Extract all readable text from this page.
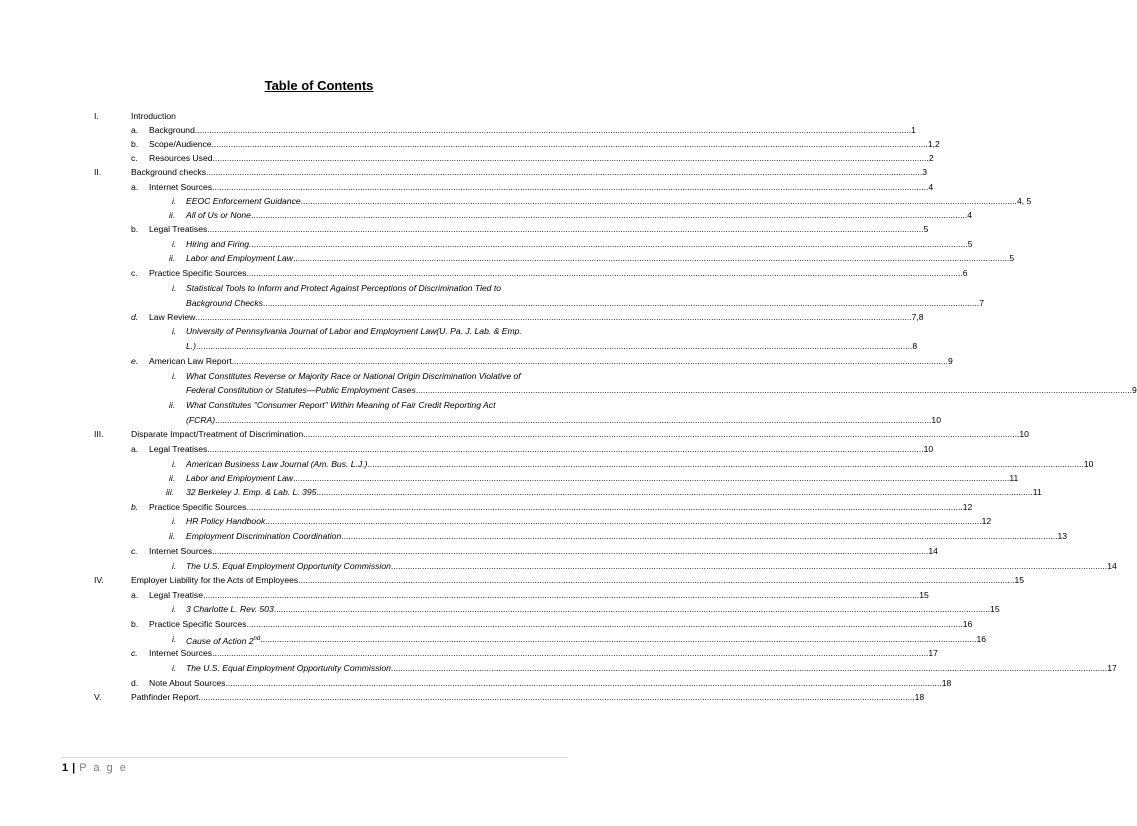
Table of Contents
I.	Introduction
a. Background ............................................................................................................................................................................................................................................................................................................ 1
b. Scope/Audience ............................................................................................................................................................................................................................................................................................................ 1,2
c. Resources Used ............................................................................................................................................................................................................................................................................................................ 2
II.	Background checks ............................................................................................................................................................................................................................................................................................................ 3
a. Internet Sources ............................................................................................................................................................................................................................................................................................................ 4
i. EEOC Enforcement Guidance ............................................................................................................................................................................................................................................................................................................ 4, 5
ii. All of Us or None ............................................................................................................................................................................................................................................................................................................ 4
b. Legal Treatises ............................................................................................................................................................................................................................................................................................................ 5
i. Hiring and Firing. ............................................................................................................................................................................................................................................................................................................ 5
ii. Labor and Employment Law ............................................................................................................................................................................................................................................................................................................ 5
c. Practice Specific Sources ............................................................................................................................................................................................................................................................................................................ 6
i. Statistical Tools to Inform and Protect Against Perceptions of Discrimination Tied to
Background Checks ............................................................................................................................................................................................................................................................................................................ 7
d. Law Review ............................................................................................................................................................................................................................................................................................................ 7,8
i. University of Pennsylvania Journal of Labor and Employment Law(U. Pa. J. Lab. & Emp.
L.) ............................................................................................................................................................................................................................................................................................................ 8
e. American Law Report ............................................................................................................................................................................................................................................................................................................ 9
i. What Constitutes Reverse or Majority Race or National Origin Discrimination Violative of
Federal Constitution or Statutes—Public Employment Cases ............................................................................................................................................................................................................................................................................................................ 9
ii. What Constitutes "Consumer Report" Within Meaning of Fair Credit Reporting Act
(FCRA) ............................................................................................................................................................................................................................................................................................................ 10
III.	Disparate Impact/Treatment of Discrimination ............................................................................................................................................................................................................................................................................................................ 10
a. Legal Treatises ............................................................................................................................................................................................................................................................................................................ 10
i. American Business Law Journal (Am. Bus. L.J.) ............................................................................................................................................................................................................................................................................................................ 10
ii. Labor and Employment Law ............................................................................................................................................................................................................................................................................................................ 11
iii. 32 Berkeley J. Emp. & Lab. L. 395 ............................................................................................................................................................................................................................................................................................................ 11
b. Practice Specific Sources ............................................................................................................................................................................................................................................................................................................ 12
i. HR Policy Handbook ............................................................................................................................................................................................................................................................................................................ 12
ii. Employment Discrimination Coordination ............................................................................................................................................................................................................................................................................................................ 13
c. Internet Sources ............................................................................................................................................................................................................................................................................................................ 14
i. The U.S. Equal Employment Opportunity Commission ............................................................................................................................................................................................................................................................................................................ 14
IV.	Employer Liability for the Acts of Employees ............................................................................................................................................................................................................................................................................................................ 15
a. Legal Treatise ............................................................................................................................................................................................................................................................................................................ 15
i. 3 Charlotte L. Rev. 503 ............................................................................................................................................................................................................................................................................................................ 15
b. Practice Specific Sources ............................................................................................................................................................................................................................................................................................................ 16
i. Cause of Action 2nd ............................................................................................................................................................................................................................................................................................................ 16
c. Internet Sources ............................................................................................................................................................................................................................................................................................................ 17
i. The U.S. Equal Employment Opportunity Commission ............................................................................................................................................................................................................................................................................................................ 17
d. Note About Sources ............................................................................................................................................................................................................................................................................................................ 18
V.	Pathfinder Report ............................................................................................................................................................................................................................................................................................................ 18
1 | P a g e
